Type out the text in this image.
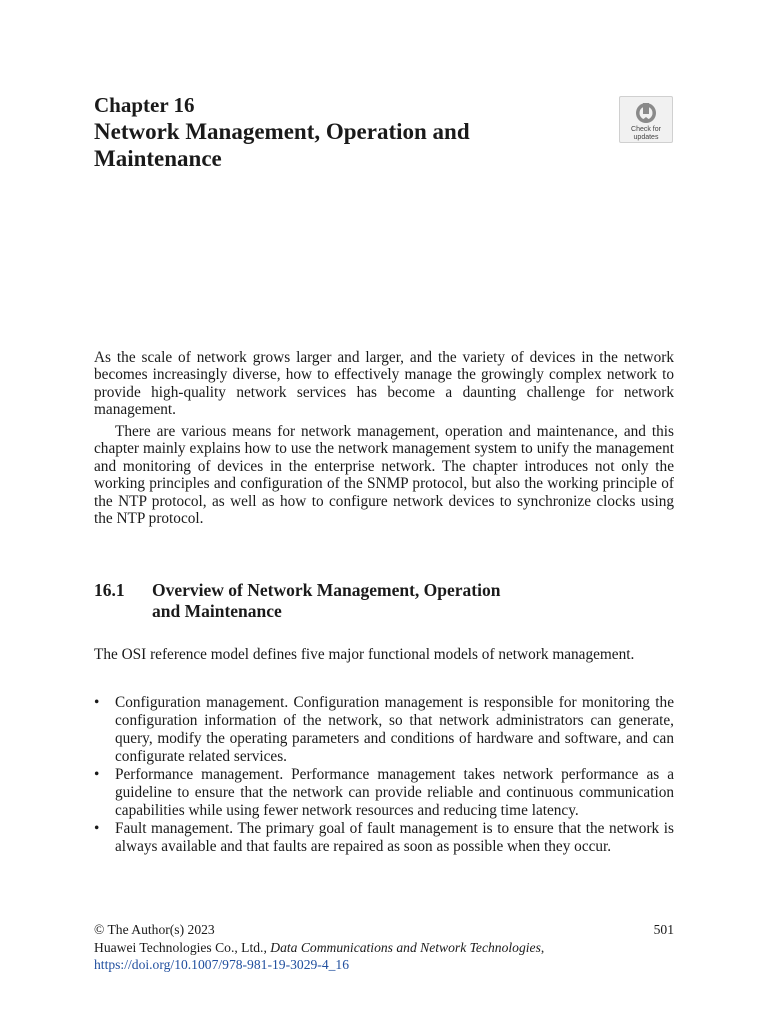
Chapter 16
Network Management, Operation and Maintenance
Check for
updates

As the scale of network grows larger and larger, and the variety of devices in the network becomes increasingly diverse, how to effectively manage the growingly complex network to provide high-quality network services has become a daunting challenge for network management.

There are various means for network management, operation and maintenance, and this chapter mainly explains how to use the network management system to unify the management and monitoring of devices in the enterprise network. The chapter introduces not only the working principles and configuration of the SNMP protocol, but also the working principle of the NTP protocol, as well as how to configure network devices to synchronize clocks using the NTP protocol.

16.1 Overview of Network Management, Operation
and Maintenance

The OSI reference model defines five major functional models of network management.

• Configuration management. Configuration management is responsible for monitoring the configuration information of the network, so that network administrators can generate, query, modify the operating parameters and conditions of hardware and software, and can configurate related services.
• Performance management. Performance management takes network performance as a guideline to ensure that the network can provide reliable and continuous communication capabilities while using fewer network resources and reducing time latency.
• Fault management. The primary goal of fault management is to ensure that the network is always available and that faults are repaired as soon as possible when they occur.
© The Author(s) 2023	501
Huawei Technologies Co., Ltd., Data Communications and Network Technologies,
https://doi.org/10.1007/978-981-19-3029-4_16
